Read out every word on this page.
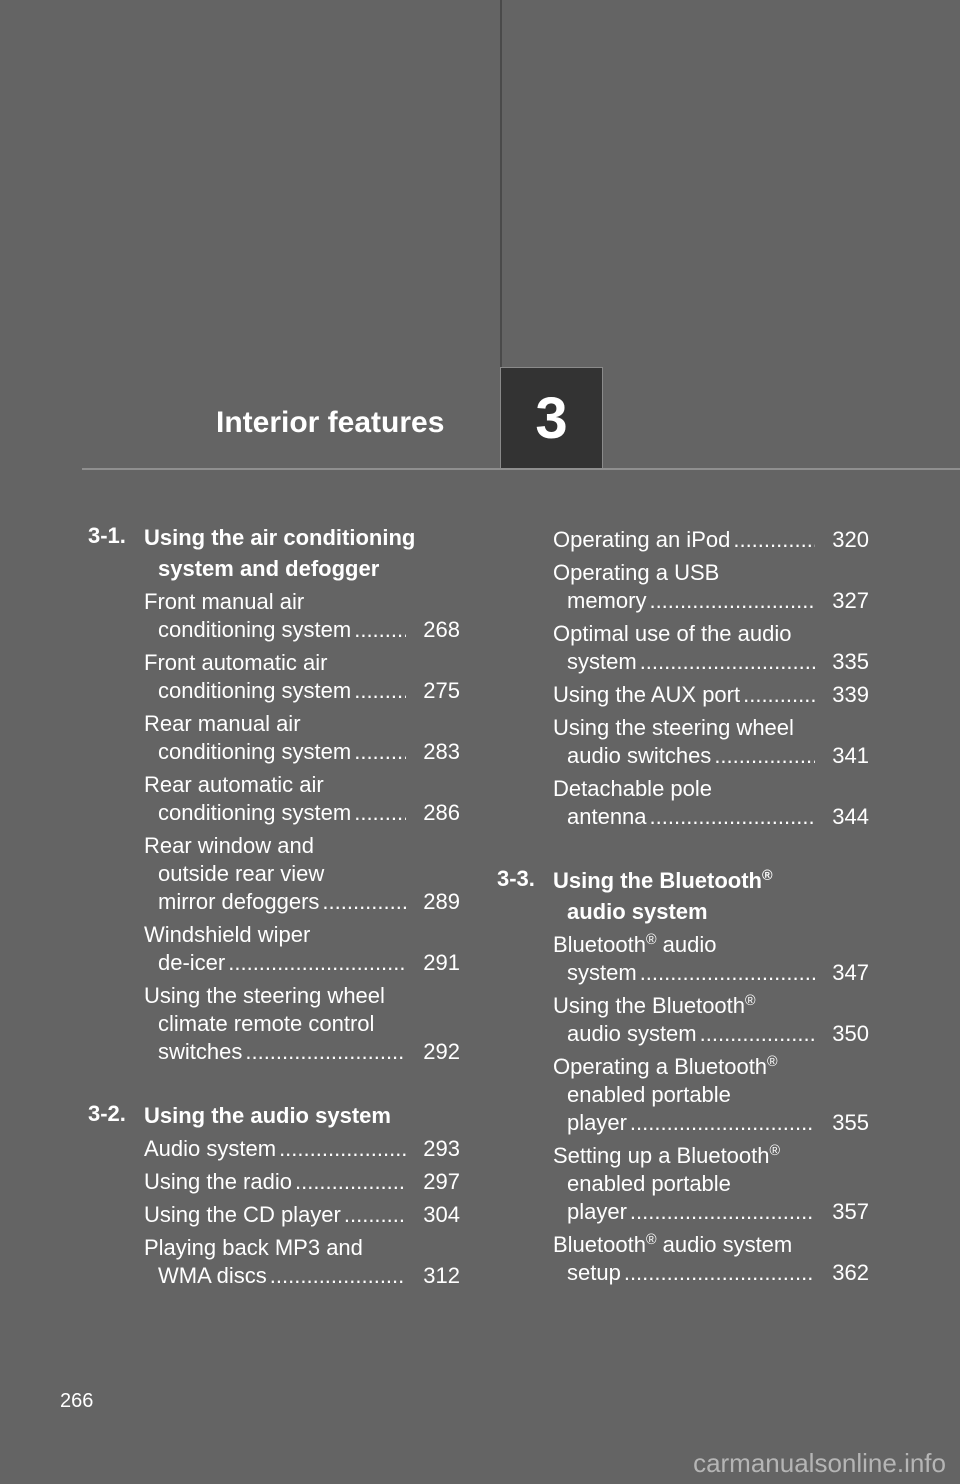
Interior features 3
3-1. Using the air conditioning

system and defogger
Front manual air
conditioning system .....	268
Front automatic air
conditioning system .....	275
Rear manual air
conditioning system .....	283
Rear automatic air
conditioning system .....	286
Rear window and
outside rear view
mirror defoggers .....	289
Windshield wiper
de-icer .....	291
Using the steering wheel
climate remote control
switches .....	292
3-2. Using the audio system
Audio system .....	293
Using the radio .....	297
Using the CD player .....	304
Playing back MP3 and
WMA discs .....	312
Operating an iPod .....	320
Operating a USB
memory .....	327
Optimal use of the audio
system .....	335
Using the AUX port .....	339
Using the steering wheel
audio switches .....	341
Detachable pole
antenna .....	344
3-3. Using the Bluetooth®

audio system
Bluetooth® audio
system .....	347
Using the Bluetooth®
audio system .....	350
Operating a Bluetooth®
enabled portable
player .....	355
Setting up a Bluetooth®
enabled portable
player .....	357
Bluetooth® audio system
setup .....	362
266
carmanualsonline.info
